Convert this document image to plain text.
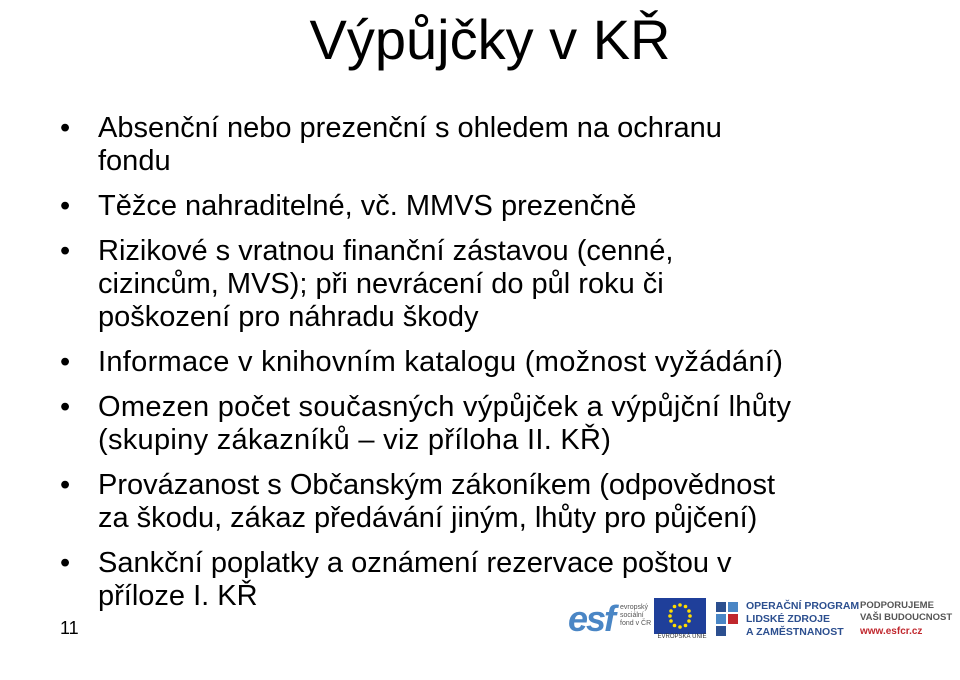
Výpůjčky v KŘ
• Absenční nebo prezenční s ohledem na ochranu
fondu
• Těžce nahraditelné, vč. MMVS prezenčně
• Rizikové s vratnou finanční zástavou (cenné,
cizincům, MVS); při nevrácení do půl roku či
poškození pro náhradu škody
• Informace v knihovním katalogu (možnost vyžádání)
• Omezen počet současných výpůjček a výpůjční lhůty
(skupiny zákazníků – viz příloha II. KŘ)
• Provázanost s Občanským zákoníkem (odpovědnost
za škodu, zákaz předávání jiným, lhůty pro půjčení)
• Sankční poplatky a oznámení rezervace poštou v
příloze I. KŘ
11	esf evropský
sociální
fond v ČR
EVROPSKÁ UNIE
OPERAČNÍ PROGRAM
LIDSKÉ ZDROJE
A ZAMĚSTNANOST
PODPORUJEME
VAŠI BUDOUCNOST
www.esfcr.cz
